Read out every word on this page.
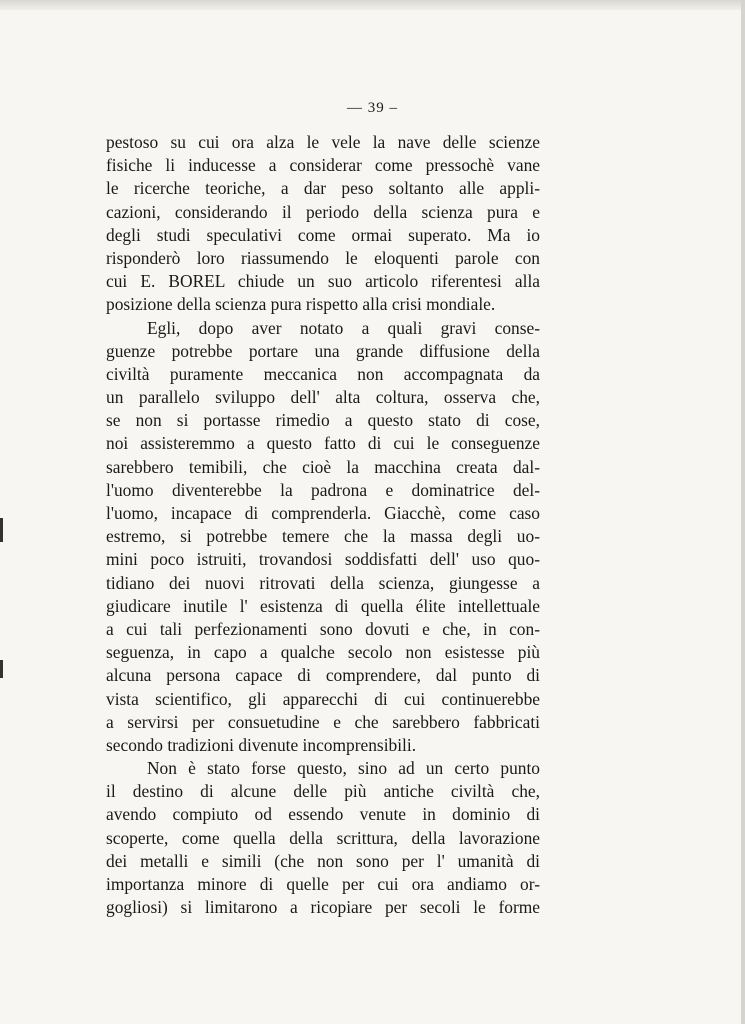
— 39 –
pestoso su cui ora alza le vele la nave delle scienze
fisiche li inducesse a considerar come pressochè vane
le ricerche teoriche, a dar peso soltanto alle appli-
cazioni, considerando il periodo della scienza pura e
degli studi speculativi come ormai superato. Ma io
risponderò loro riassumendo le eloquenti parole con
cui E. BOREL chiude un suo articolo riferentesi alla
posizione della scienza pura rispetto alla crisi mondiale.
Egli, dopo aver notato a quali gravi conse-
guenze potrebbe portare una grande diffusione della
civiltà puramente meccanica non accompagnata da
un parallelo sviluppo dell' alta coltura, osserva che,
se non si portasse rimedio a questo stato di cose,
noi assisteremmo a questo fatto di cui le conseguenze
sarebbero temibili, che cioè la macchina creata dal-
l'uomo diventerebbe la padrona e dominatrice del-
l'uomo, incapace di comprenderla. Giacchè, come caso
estremo, si potrebbe temere che la massa degli uo-
mini poco istruiti, trovandosi soddisfatti dell' uso quo-
tidiano dei nuovi ritrovati della scienza, giungesse a
giudicare inutile l' esistenza di quella élite intellettuale
a cui tali perfezionamenti sono dovuti e che, in con-
seguenza, in capo a qualche secolo non esistesse più
alcuna persona capace di comprendere, dal punto di
vista scientifico, gli apparecchi di cui continuerebbe
a servirsi per consuetudine e che sarebbero fabbricati
secondo tradizioni divenute incomprensibili.
Non è stato forse questo, sino ad un certo punto
il destino di alcune delle più antiche civiltà che,
avendo compiuto od essendo venute in dominio di
scoperte, come quella della scrittura, della lavorazione
dei metalli e simili (che non sono per l' umanità di
importanza minore di quelle per cui ora andiamo or-
gogliosi) si limitarono a ricopiare per secoli le forme
